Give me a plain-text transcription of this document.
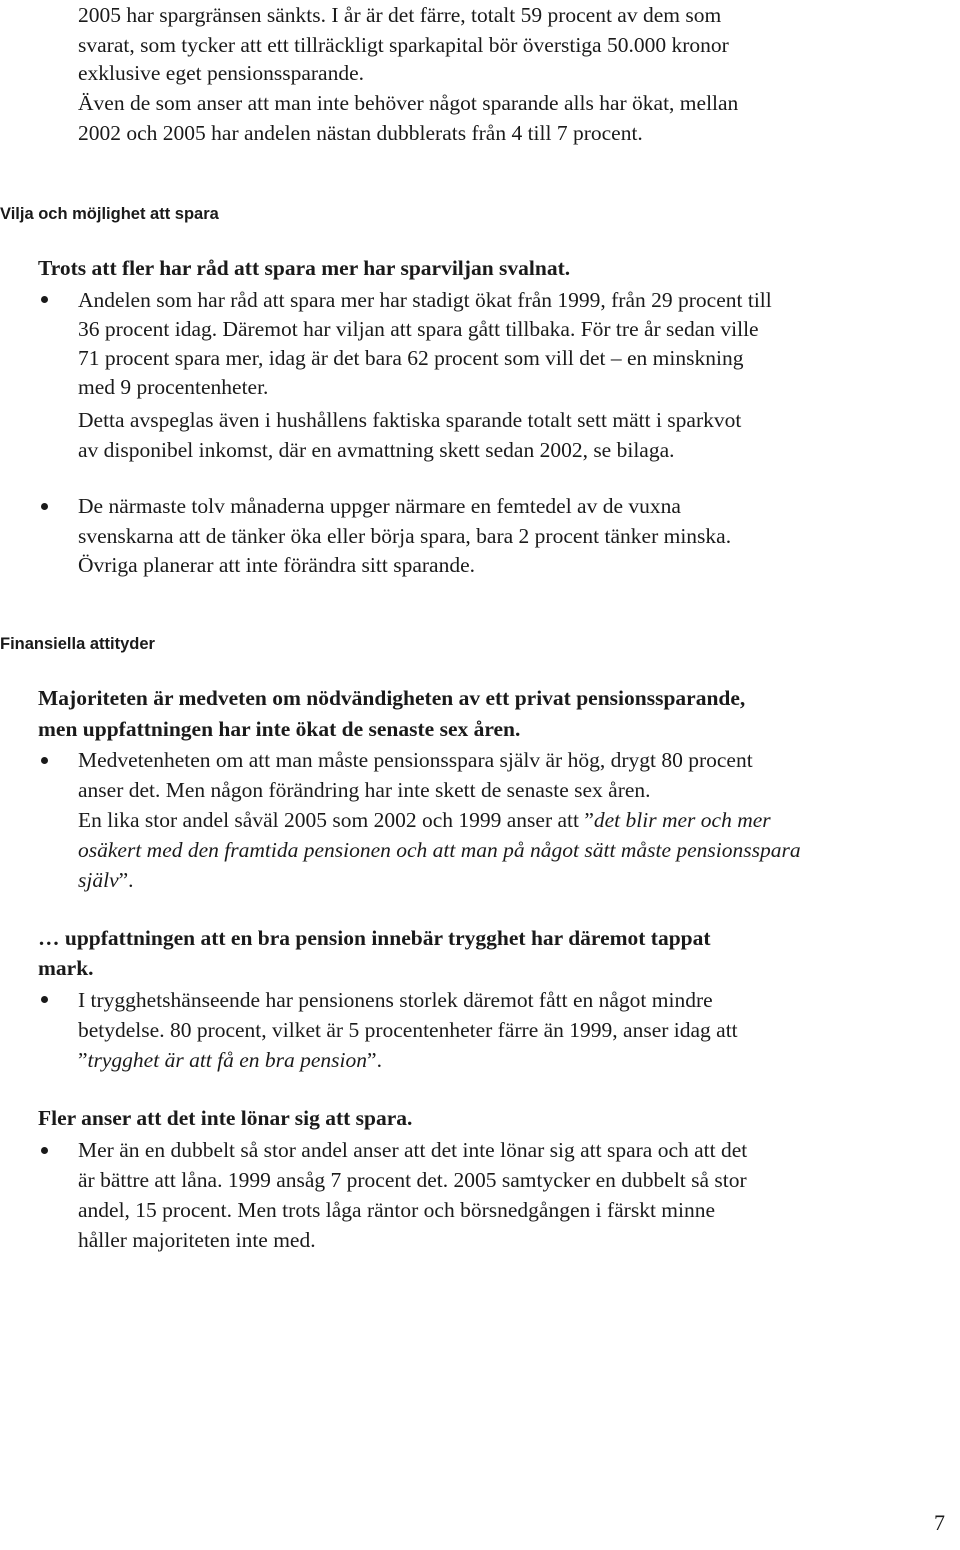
2005 har spargränsen sänkts. I år är det färre, totalt 59 procent av dem som
svarat, som tycker att ett tillräckligt sparkapital bör överstiga 50.000 kronor
exklusive eget pensionssparande.
Även de som anser att man inte behöver något sparande alls har ökat, mellan
2002 och 2005 har andelen nästan dubblerats från 4 till 7 procent.
Vilja och möjlighet att spara
Trots att fler har råd att spara mer har sparviljan svalnat.
Andelen som har råd att spara mer har stadigt ökat från 1999, från 29 procent till
36 procent idag. Däremot har viljan att spara gått tillbaka. För tre år sedan ville
71 procent spara mer, idag är det bara 62 procent som vill det – en minskning
med 9 procentenheter.
Detta avspeglas även i hushållens faktiska sparande totalt sett mätt i sparkvot
av disponibel inkomst, där en avmattning skett sedan 2002, se bilaga.
De närmaste tolv månaderna uppger närmare en femtedel av de vuxna
svenskarna att de tänker öka eller börja spara, bara 2 procent tänker minska.
Övriga planerar att inte förändra sitt sparande.
Finansiella attityder
Majoriteten är medveten om nödvändigheten av ett privat pensionssparande,
men uppfattningen har inte ökat de senaste sex åren.
Medvetenheten om att man måste pensionsspara själv är hög, drygt 80 procent
anser det. Men någon förändring har inte skett de senaste sex åren.
En lika stor andel såväl 2005 som 2002 och 1999 anser att ”det blir mer och mer
osäkert med den framtida pensionen och att man på något sätt måste pensionsspara
själv”.
… uppfattningen att en bra pension innebär trygghet har däremot tappat
mark.
I trygghetshänseende har pensionens storlek däremot fått en något mindre
betydelse. 80 procent, vilket är 5 procentenheter färre än 1999, anser idag att
”trygghet är att få en bra pension”.
Fler anser att det inte lönar sig att spara.
Mer än en dubbelt så stor andel anser att det inte lönar sig att spara och att det
är bättre att låna. 1999 ansåg 7 procent det. 2005 samtycker en dubbelt så stor
andel, 15 procent. Men trots låga räntor och börsnedgången i färskt minne
håller majoriteten inte med.
7
